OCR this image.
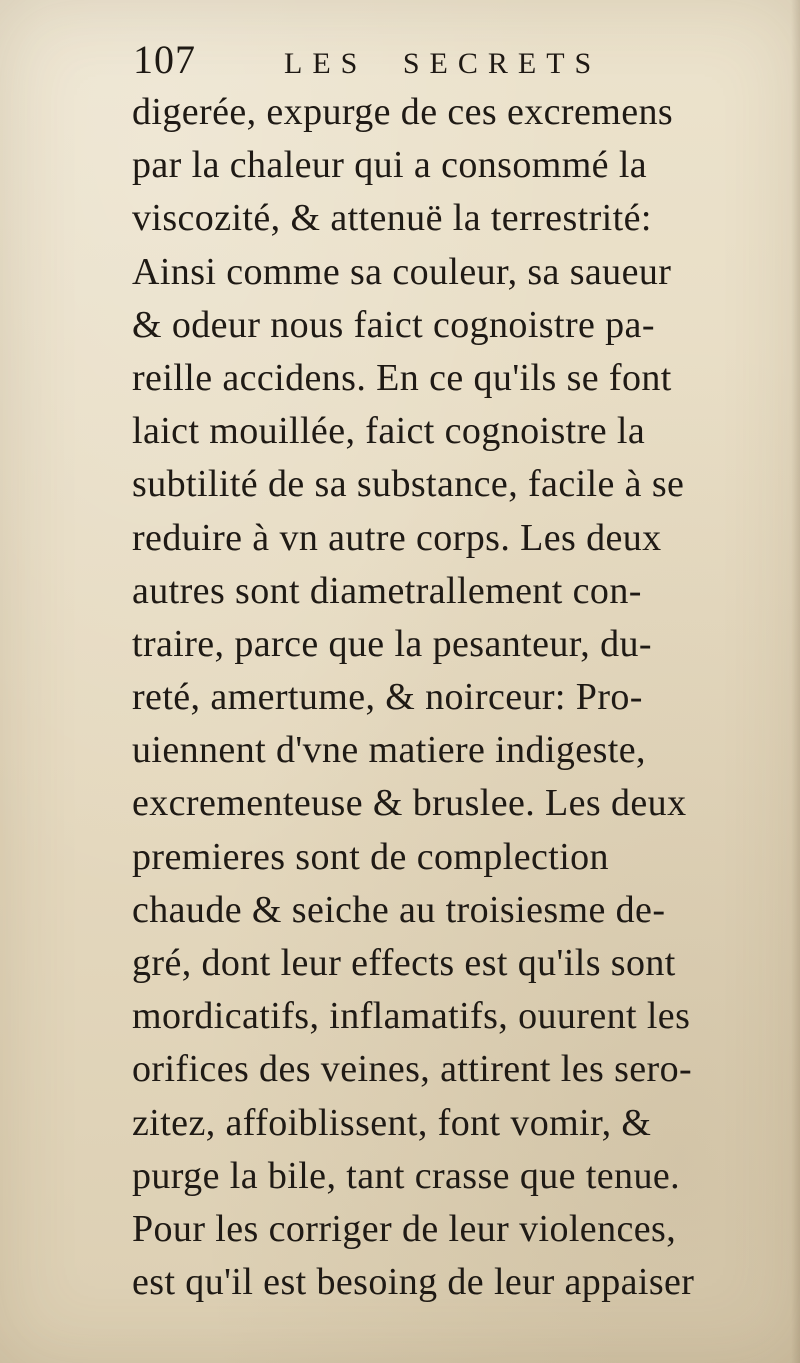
107	LES SECRETS
digerée, expurge de ces excremens
par la chaleur qui a consommé la
viscozité, & attenuë la terrestrité:
Ainsi comme sa couleur, sa saueur
& odeur nous faict cognoistre pa-
reille accidens. En ce qu'ils se font
laict mouillée, faict cognoistre la
subtilité de sa substance, facile à se
reduire à vn autre corps. Les deux
autres sont diametrallement con-
traire, parce que la pesanteur, du-
reté, amertume, & noirceur: Pro-
uiennent d'vne matiere indigeste,
excrementeuse & bruslee. Les deux
premieres sont de complection
chaude & seiche au troisiesme de-
gré, dont leur effects est qu'ils sont
mordicatifs, inflamatifs, ouurent les
orifices des veines, attirent les sero-
zitez, affoiblissent, font vomir, &
purge la bile, tant crasse que tenue.
Pour les corriger de leur violences,
est qu'il est besoing de leur appaiser
